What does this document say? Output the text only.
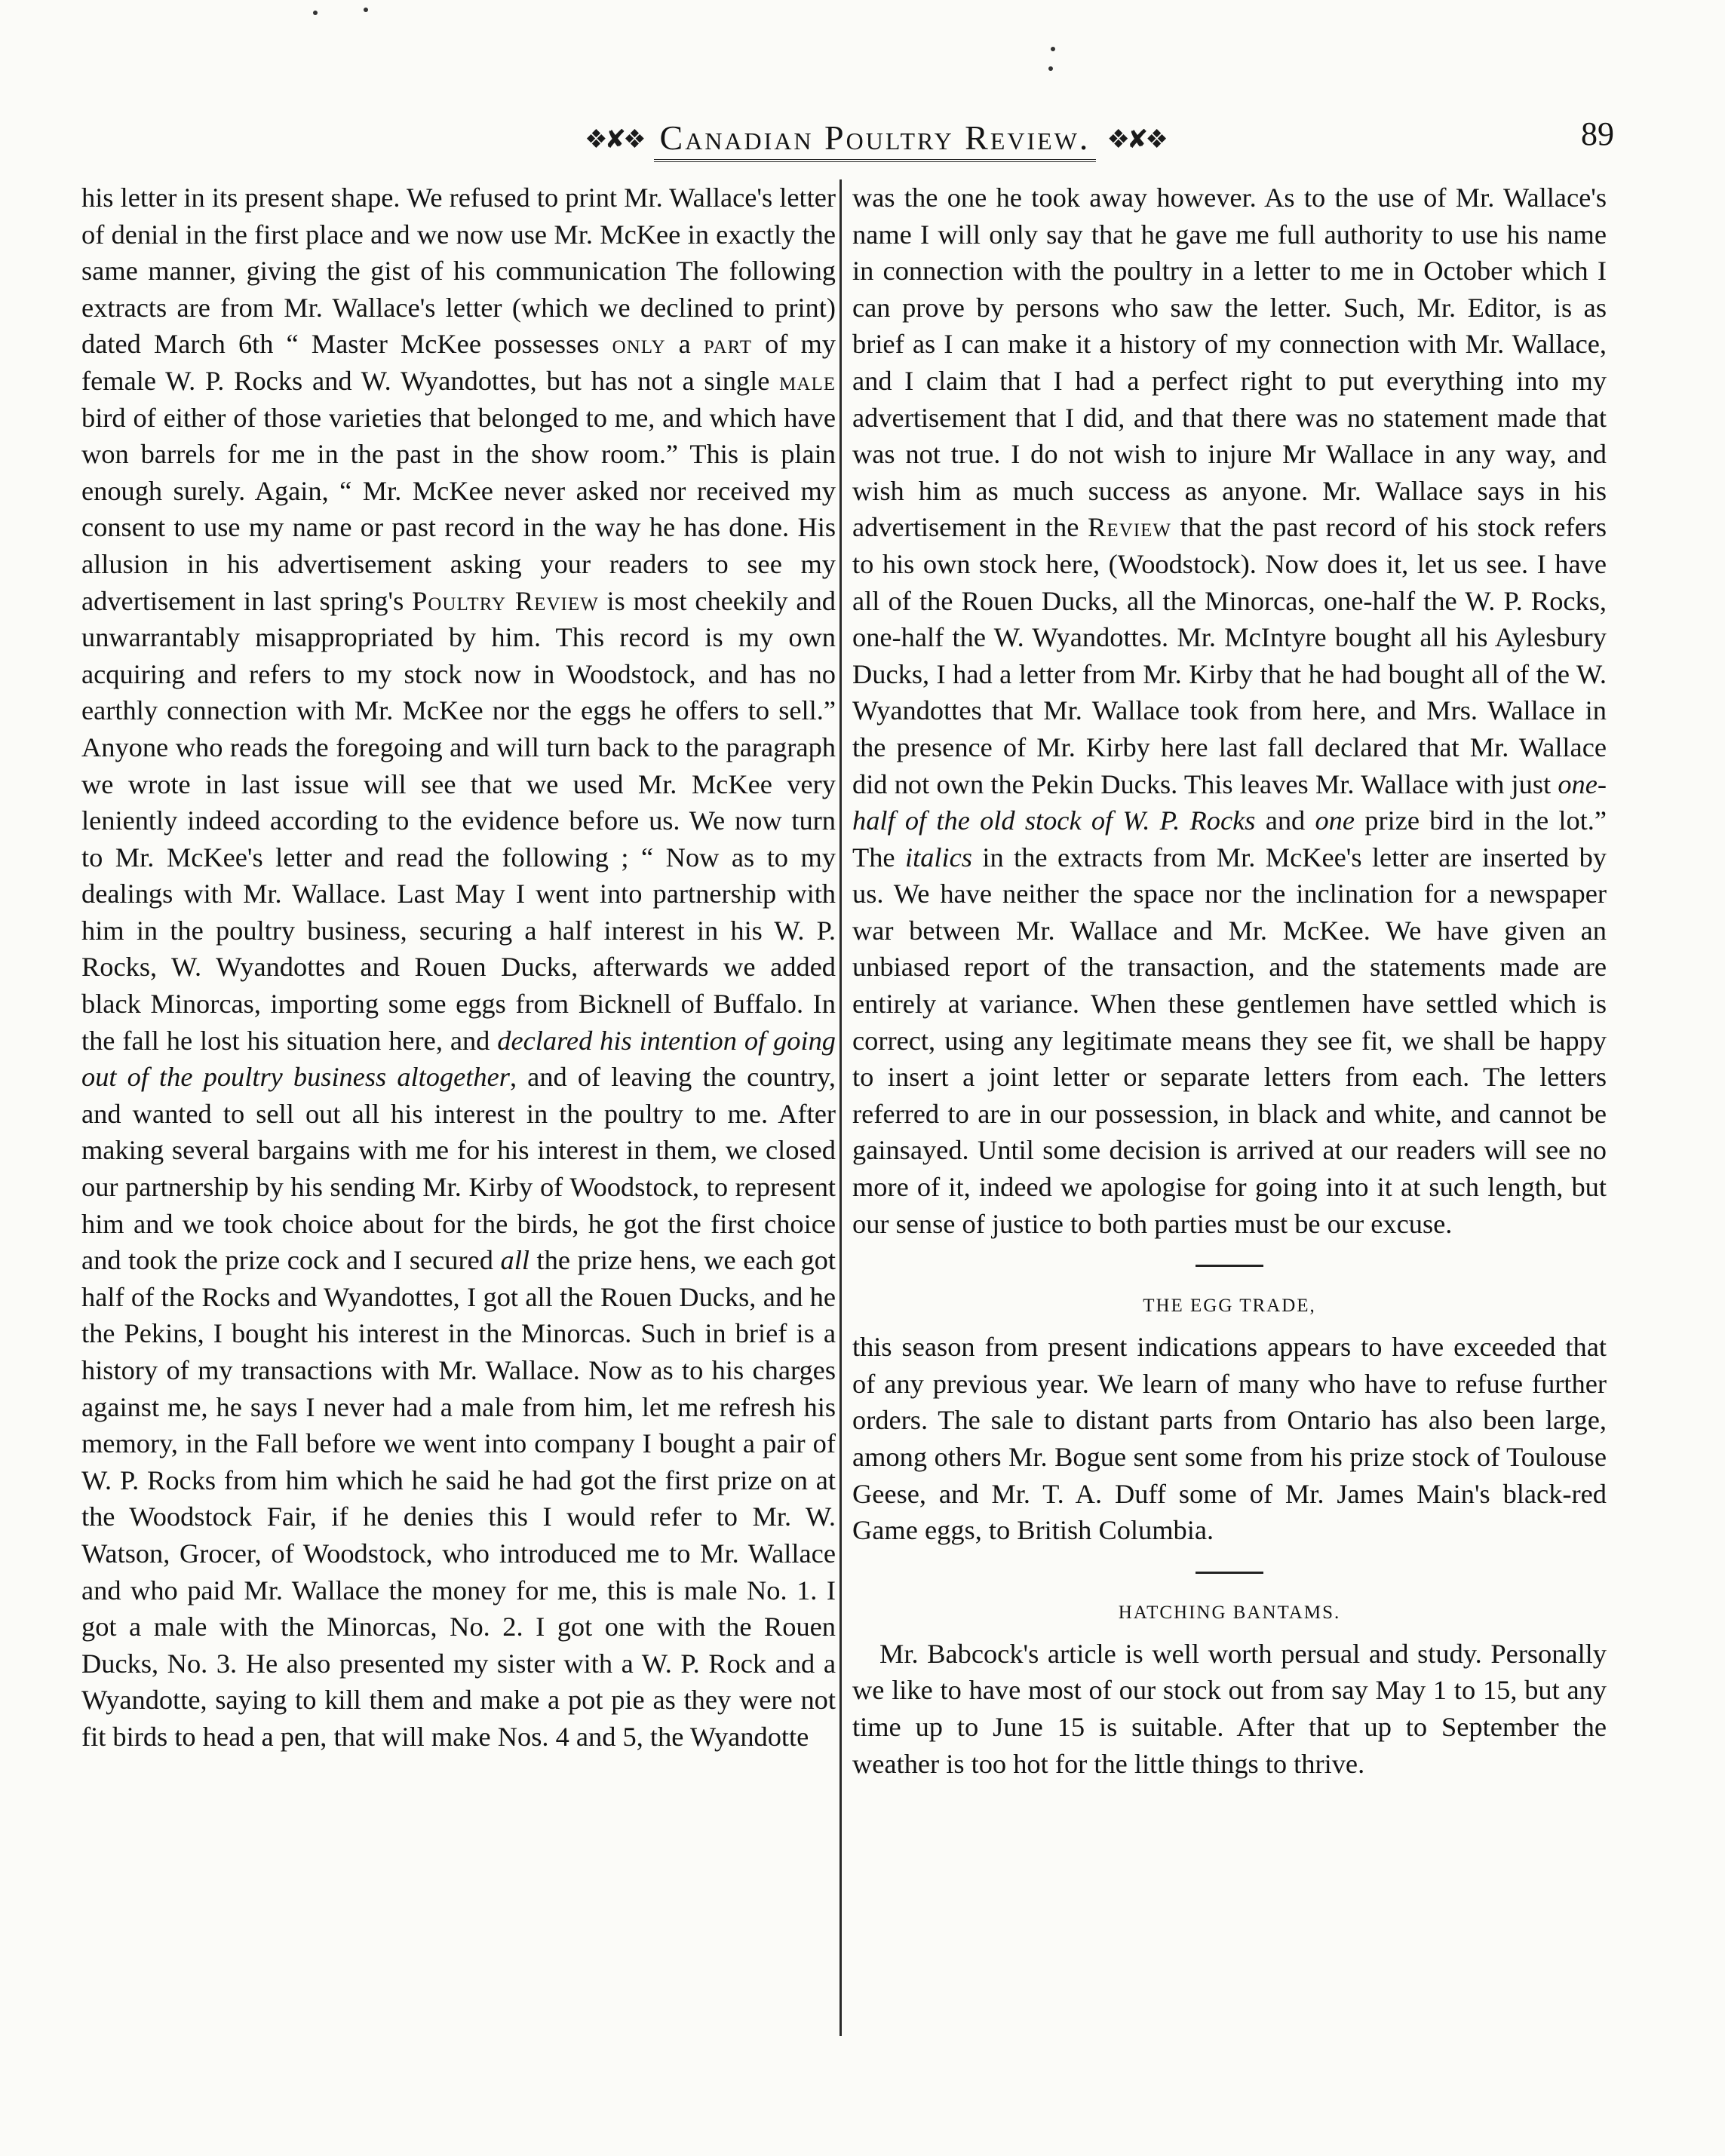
❖✘❖ Canadian Poultry Review. ❖✘❖	89

his letter in its present shape. We refused to print Mr. Wallace's letter of denial in the first place and we now use Mr. McKee in exactly the same manner, giving the gist of his communication The following extracts are from Mr. Wallace's letter (which we declined to print) dated March 6th “ Master McKee possesses only a part of my female W. P. Rocks and W. Wyandottes, but has not a single male bird of either of those varieties that belonged to me, and which have won barrels for me in the past in the show room.” This is plain enough surely. Again, “ Mr. McKee never asked nor received my consent to use my name or past record in the way he has done. His allusion in his advertisement asking your readers to see my advertisement in last spring's Poultry Review is most cheekily and unwarrantably misappropriated by him. This record is my own acquiring and refers to my stock now in Woodstock, and has no earthly connection with Mr. McKee nor the eggs he offers to sell.” Anyone who reads the foregoing and will turn back to the paragraph we wrote in last issue will see that we used Mr. McKee very leniently indeed according to the evidence before us. We now turn to Mr. McKee's letter and read the following ; “ Now as to my dealings with Mr. Wallace. Last May I went into partnership with him in the poultry business, securing a half interest in his W. P. Rocks, W. Wyandottes and Rouen Ducks, afterwards we added black Minorcas, importing some eggs from Bicknell of Buffalo. In the fall he lost his situation here, and declared his intention of going out of the poultry business altogether, and of leaving the country, and wanted to sell out all his interest in the poultry to me. After making several bargains with me for his interest in them, we closed our partnership by his sending Mr. Kirby of Woodstock, to represent him and we took choice about for the birds, he got the first choice and took the prize cock and I secured all the prize hens, we each got half of the Rocks and Wyandottes, I got all the Rouen Ducks, and he the Pekins, I bought his interest in the Minorcas. Such in brief is a history of my transactions with Mr. Wallace. Now as to his charges against me, he says I never had a male from him, let me refresh his memory, in the Fall before we went into company I bought a pair of W. P. Rocks from him which he said he had got the first prize on at the Woodstock Fair, if he denies this I would refer to Mr. W. Watson, Grocer, of Woodstock, who introduced me to Mr. Wallace and who paid Mr. Wallace the money for me, this is male No. 1. I got a male with the Minorcas, No. 2. I got one with the Rouen Ducks, No. 3. He also presented my sister with a W. P. Rock and a Wyandotte, saying to kill them and make a pot pie as they were not fit birds to head a pen, that will make Nos. 4 and 5, the Wyandotte

was the one he took away however. As to the use of Mr. Wallace's name I will only say that he gave me full authority to use his name in connection with the poultry in a letter to me in October which I can prove by persons who saw the letter. Such, Mr. Editor, is as brief as I can make it a history of my connection with Mr. Wallace, and I claim that I had a perfect right to put everything into my advertisement that I did, and that there was no statement made that was not true. I do not wish to injure Mr Wallace in any way, and wish him as much success as anyone. Mr. Wallace says in his advertisement in the Review that the past record of his stock refers to his own stock here, (Woodstock). Now does it, let us see. I have all of the Rouen Ducks, all the Minorcas, one-half the W. P. Rocks, one-half the W. Wyandottes. Mr. McIntyre bought all his Aylesbury Ducks, I had a letter from Mr. Kirby that he had bought all of the W. Wyandottes that Mr. Wallace took from here, and Mrs. Wallace in the presence of Mr. Kirby here last fall declared that Mr. Wallace did not own the Pekin Ducks. This leaves Mr. Wallace with just one-half of the old stock of W. P. Rocks and one prize bird in the lot.” The italics in the extracts from Mr. McKee's letter are inserted by us. We have neither the space nor the inclination for a newspaper war between Mr. Wallace and Mr. McKee. We have given an unbiased report of the transaction, and the statements made are entirely at variance. When these gentlemen have settled which is correct, using any legitimate means they see fit, we shall be happy to insert a joint letter or separate letters from each. The letters referred to are in our possession, in black and white, and cannot be gainsayed. Until some decision is arrived at our readers will see no more of it, indeed we apologise for going into it at such length, but our sense of justice to both parties must be our excuse.

THE EGG TRADE,

this season from present indications appears to have exceeded that of any previous year. We learn of many who have to refuse further orders. The sale to distant parts from Ontario has also been large, among others Mr. Bogue sent some from his prize stock of Toulouse Geese, and Mr. T. A. Duff some of Mr. James Main's black-red Game eggs, to British Columbia.

HATCHING BANTAMS.

Mr. Babcock's article is well worth persual and study. Personally we like to have most of our stock out from say May 1 to 15, but any time up to June 15 is suitable. After that up to September the weather is too hot for the little things to thrive.
